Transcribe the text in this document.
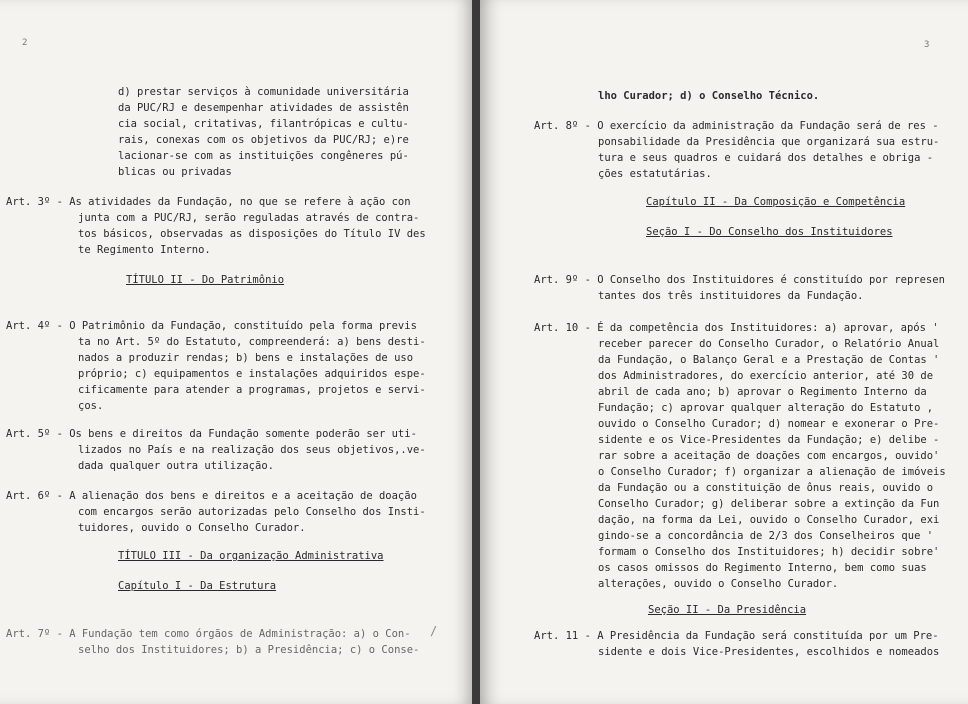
2
d) prestar serviços à comunidade universitária
da PUC/RJ e desempenhar atividades de assistên
cia social, critativas, filantrópicas e cultu-
rais, conexas com os objetivos da PUC/RJ; e)re
lacionar-se com as instituições congêneres pú-
blicas ou privadas
Art. 3º - As atividades da Fundação, no que se refere à ação con
junta com a PUC/RJ, serão reguladas através de contra-
tos básicos, observadas as disposições do Título IV des
te Regimento Interno.
TÍTULO II - Do Patrimônio
Art. 4º - O Patrimônio da Fundação, constituído pela forma previs
ta no Art. 5º do Estatuto, compreenderá: a) bens desti-
nados a produzir rendas; b) bens e instalações de uso
próprio; c) equipamentos e instalações adquiridos espe-
cificamente para atender a programas, projetos e servi-
ços.
Art. 5º - Os bens e direitos da Fundação somente poderão ser uti-
lizados no País e na realização dos seus objetivos,.ve-
dada qualquer outra utilização.
Art. 6º - A alienação dos bens e direitos e a aceitação de doação
com encargos serão autorizadas pelo Conselho dos Insti-
tuidores, ouvido o Conselho Curador.
TÍTULO III - Da organização Administrativa
Capítulo I - Da Estrutura
Art. 7º - A Fundação tem como órgãos de Administração: a) o Con-
selho dos Instituidores; b) a Presidência; c) o Conse-
/
3
lho Curador; d) o Conselho Técnico.
Art. 8º - O exercício da administração da Fundação será de res -
ponsabilidade da Presidência que organizará sua estru-
tura e seus quadros e cuidará dos detalhes e obriga -
ções estatutárias.
Capítulo II - Da Composição e Competência
Seção I - Do Conselho dos Instituidores
Art. 9º - O Conselho dos Instituidores é constituído por represen
tantes dos três instituidores da Fundação.
Art. 10 - É da competência dos Instituidores: a) aprovar, após '
receber parecer do Conselho Curador, o Relatório Anual
da Fundação, o Balanço Geral e a Prestação de Contas '
dos Administradores, do exercício anterior, até 30 de
abril de cada ano; b) aprovar o Regimento Interno da
Fundação; c) aprovar qualquer alteração do Estatuto ,
ouvido o Conselho Curador; d) nomear e exonerar o Pre-
sidente e os Vice-Presidentes da Fundação; e) delibe -
rar sobre a aceitação de doações com encargos, ouvido'
o Conselho Curador; f) organizar a alienação de imóveis
da Fundação ou a constituição de ônus reais, ouvido o
Conselho Curador; g) deliberar sobre a extinção da Fun
dação, na forma da Lei, ouvido o Conselho Curador, exi
gindo-se a concordância de 2/3 dos Conselheiros que '
formam o Conselho dos Instituidores; h) decidir sobre'
os casos omissos do Regimento Interno, bem como suas
alterações, ouvido o Conselho Curador.
Seção II - Da Presidência
Art. 11 - A Presidência da Fundação será constituída por um Pre-
sidente e dois Vice-Presidentes, escolhidos e nomeados
